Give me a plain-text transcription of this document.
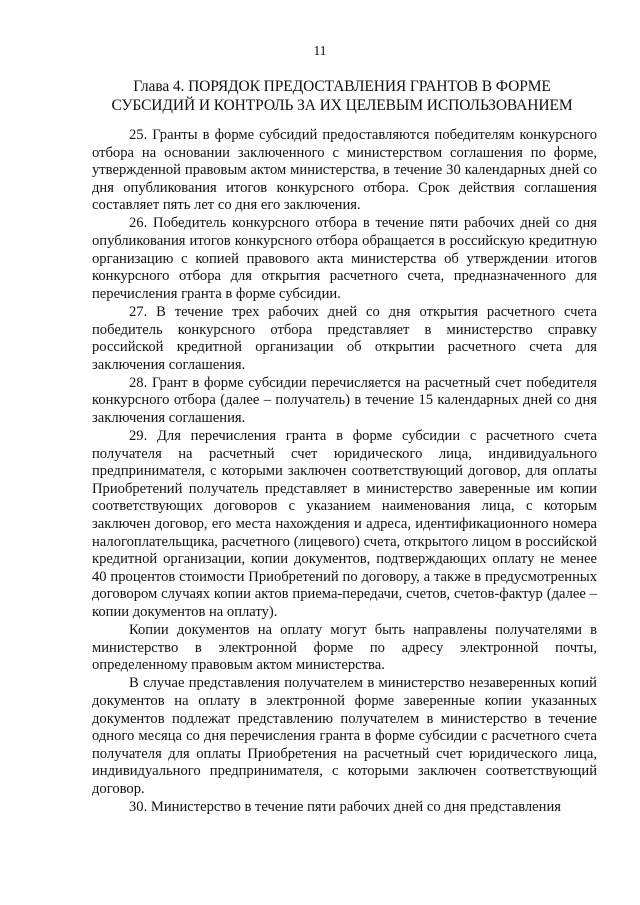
11
Глава 4. ПОРЯДОК ПРЕДОСТАВЛЕНИЯ ГРАНТОВ В ФОРМЕ
СУБСИДИЙ И КОНТРОЛЬ ЗА ИХ ЦЕЛЕВЫМ ИСПОЛЬЗОВАНИЕМ

25. Гранты в форме субсидий предоставляются победителям конкурсного отбора на основании заключенного с министерством соглашения по форме, утвержденной правовым актом министерства, в течение 30 календарных дней со дня опубликования итогов конкурсного отбора. Срок действия соглашения составляет пять лет со дня его заключения.

26. Победитель конкурсного отбора в течение пяти рабочих дней со дня опубликования итогов конкурсного отбора обращается в российскую кредитную организацию с копией правового акта министерства об утверждении итогов конкурсного отбора для открытия расчетного счета, предназначенного для перечисления гранта в форме субсидии.

27. В течение трех рабочих дней со дня открытия расчетного счета победитель конкурсного отбора представляет в министерство справку российской кредитной организации об открытии расчетного счета для заключения соглашения.

28. Грант в форме субсидии перечисляется на расчетный счет победителя конкурсного отбора (далее – получатель) в течение 15 календарных дней со дня заключения соглашения.

29. Для перечисления гранта в форме субсидии с расчетного счета получателя на расчетный счет юридического лица, индивидуального предпринимателя, с которыми заключен соответствующий договор, для оплаты Приобретений получатель представляет в министерство заверенные им копии соответствующих договоров с указанием наименования лица, с которым заключен договор, его места нахождения и адреса, идентификационного номера налогоплательщика, расчетного (лицевого) счета, открытого лицом в российской кредитной организации, копии документов, подтверждающих оплату не менее 40 процентов стоимости Приобретений по договору, а также в предусмотренных договором случаях копии актов приема-передачи, счетов, счетов-фактур (далее – копии документов на оплату).

Копии документов на оплату могут быть направлены получателями в министерство в электронной форме по адресу электронной почты, определенному правовым актом министерства.

В случае представления получателем в министерство незаверенных копий документов на оплату в электронной форме заверенные копии указанных документов подлежат представлению получателем в министерство в течение одного месяца со дня перечисления гранта в форме субсидии с расчетного счета получателя для оплаты Приобретения на расчетный счет юридического лица, индивидуального предпринимателя, с которыми заключен соответствующий договор.

30. Министерство в течение пяти рабочих дней со дня представления
